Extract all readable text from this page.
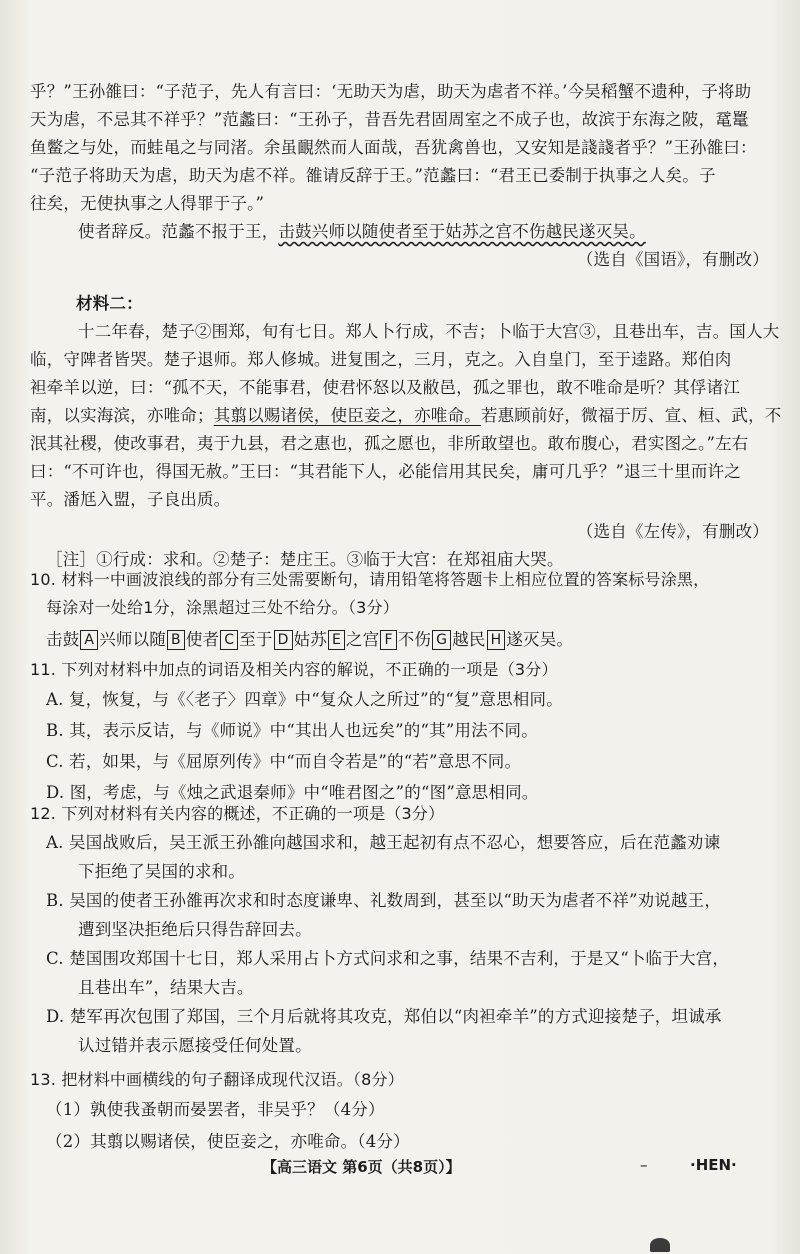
乎？”王孙雒曰：“子范子，先人有言曰：‘无助天为虐，助天为虐者不祥。’今吴稻蟹不遗种，子将助
天为虐，不忌其不祥乎？”范蠡曰：“王孙子，昔吾先君固周室之不成子也，故滨于东海之陂，鼋鼍
鱼鳖之与处，而蛙黾之与同渚。余虽靦然而人面哉，吾犹禽兽也，又安知是諓諓者乎？”王孙雒曰：
“子范子将助天为虐，助天为虐不祥。雒请反辞于王。”范蠡曰：“君王已委制于执事之人矣。子
往矣，无使执事之人得罪于子。”
使者辞反。范蠡不报于王，击鼓兴师以随使者至于姑苏之宫不伤越民遂灭吴。
（选自《国语》，有删改）
材料二：
十二年春，楚子②围郑，旬有七日。郑人卜行成，不吉；卜临于大宫③，且巷出车，吉。国人大
临，守陴者皆哭。楚子退师。郑人修城。进复围之，三月，克之。入自皇门，至于逵路。郑伯肉
袒牵羊以逆，曰：“孤不天，不能事君，使君怀怒以及敝邑，孤之罪也，敢不唯命是听？其俘诸江
南，以实海滨，亦唯命；其翦以赐诸侯，使臣妾之，亦唯命。若惠顾前好，微福于厉、宣、桓、武，不
泯其社稷，使改事君，夷于九县，君之惠也，孤之愿也，非所敢望也。敢布腹心，君实图之。”左右
曰：“不可许也，得国无赦。”王曰：“其君能下人，必能信用其民矣，庸可几乎？”退三十里而许之
平。潘尪入盟，子良出质。
（选自《左传》，有删改）
［注］①行成：求和。②楚子：楚庄王。③临于大宫：在郑祖庙大哭。
10. 材料一中画波浪线的部分有三处需要断句，请用铅笔将答题卡上相应位置的答案标号涂黑，
每涂对一处给1分，涂黑超过三处不给分。（3分）
击鼓 A 兴师以随 B 使者 C 至于 D 姑苏 E 之宫 F 不伤 G 越民 H 遂灭吴。
11. 下列对材料中加点的词语及相关内容的解说，不正确的一项是（3分）
A. 复，恢复，与《〈老子〉四章》中“复众人之所过”的“复”意思相同。
B. 其，表示反诘，与《师说》中“其出人也远矣”的“其”用法不同。
C. 若，如果，与《屈原列传》中“而自令若是”的“若”意思不同。
D. 图，考虑，与《烛之武退秦师》中“唯君图之”的“图”意思相同。
12. 下列对材料有关内容的概述，不正确的一项是（3分）
A. 吴国战败后，吴王派王孙雒向越国求和，越王起初有点不忍心，想要答应，后在范蠡劝谏
下拒绝了吴国的求和。
B. 吴国的使者王孙雒再次求和时态度谦卑、礼数周到，甚至以“助天为虐者不祥”劝说越王，
遭到坚决拒绝后只得告辞回去。
C. 楚国围攻郑国十七日，郑人采用占卜方式问求和之事，结果不吉利，于是又“卜临于大宫，
且巷出车”，结果大吉。
D. 楚军再次包围了郑国，三个月后就将其攻克，郑伯以“肉袒牵羊”的方式迎接楚子，坦诚承
认过错并表示愿接受任何处置。
13. 把材料中画横线的句子翻译成现代汉语。（8分）
（1）孰使我蚤朝而晏罢者，非吴乎？（4分）
（2）其翦以赐诸侯，使臣妾之，亦唯命。（4分）
【高三语文 第6页（共8页）】	–	·HEN·
